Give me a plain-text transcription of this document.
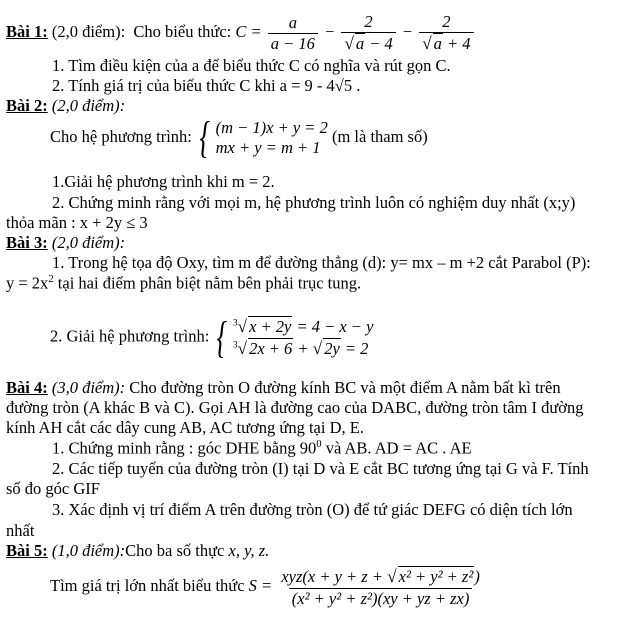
Bài 1: (2,0 điểm): Cho biểu thức: $C = \frac{a}{a - 16} - \frac{2}{√ a - 4} - \frac{2}{√ a + 4}$
1. Tìm điều kiện của a để biểu thức C có nghĩa và rút gọn C.
2. Tính giá trị của biểu thức C khi a = 9 - 4√5 .
Bài 2: (2,0 điểm):
Cho hệ phương trình: { (m − 1)x + y = 2
mx + y = m + 1
(m là tham số)
1.Giải hệ phương trình khi m = 2.
2. Chứng minh rằng với mọi m, hệ phương trình luôn có nghiệm duy nhất (x;y)
thỏa mãn : x + 2y ≤ 3
Bài 3: (2,0 điểm):
1. Trong hệ tọa độ Oxy, tìm m để đường thẳng (d): y= mx – m +2 cắt Parabol (P):
$y = 2x^2$ tại hai điểm phân biệt nằm bên phải trục tung.
2. Giải hệ phương trình: { $^3$√ x + 2y = 4 − x − y
$^3$√ 2x + 6 + √ 2y = 2
Bài 4: (3,0 điểm): Cho đường tròn O đường kính BC và một điểm A nằm bất kì trên
đường tròn (A khác B và C). Gọi AH là đường cao của DABC, đường tròn tâm I đường
kính AH cắt các dây cung AB, AC tương ứng tại D, E.
1. Chứng minh rằng : góc DHE bằng $90^0$ và AB. AD = AC . AE
2. Các tiếp tuyến của đường tròn (I) tại D và E cắt BC tương ứng tại G và F. Tính
số đo góc GIF
3. Xác định vị trí điểm A trên đường tròn (O) để tứ giác DEFG có diện tích lớn
nhất
Bài 5: (1,0 điểm):Cho ba số thực x, y, z.
Tìm giá trị lớn nhất biểu thức $S = \frac{\text{xyz(x + y + z + √ x² + y² + z²)}}{\text{(x² + y² + z²)(xy + yz + zx)}}$
